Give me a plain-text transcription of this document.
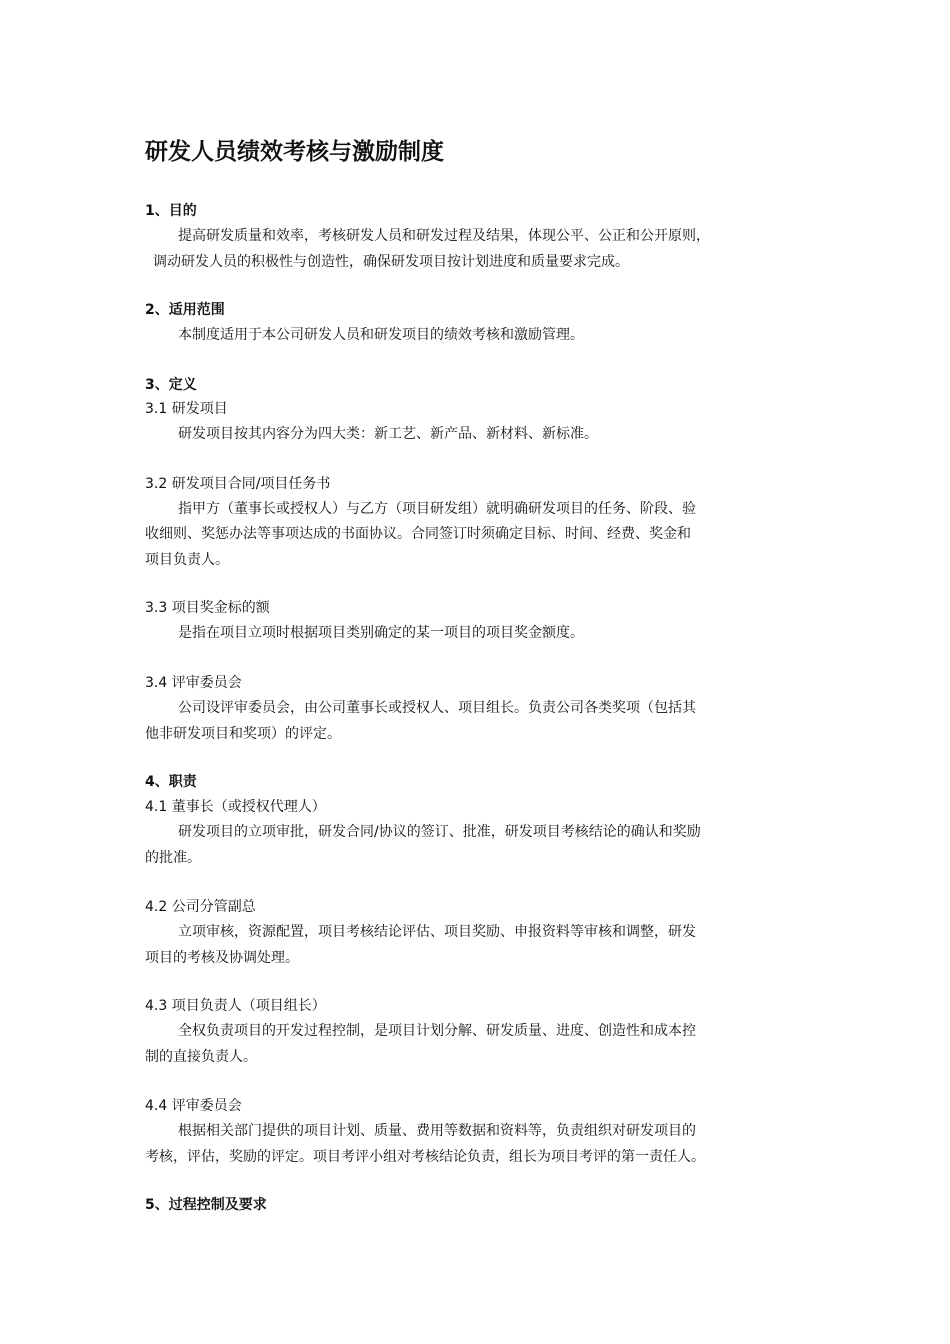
研发人员绩效考核与激励制度

1、目的

提高研发质量和效率，考核研发人员和研发过程及结果，体现公平、公正和公开原则，

调动研发人员的积极性与创造性，确保研发项目按计划进度和质量要求完成。

2、适用范围

本制度适用于本公司研发人员和研发项目的绩效考核和激励管理。

3、定义

3.1 研发项目

研发项目按其内容分为四大类：新工艺、新产品、新材料、新标准。

3.2 研发项目合同/项目任务书

指甲方（董事长或授权人）与乙方（项目研发组）就明确研发项目的任务、阶段、验

收细则、奖惩办法等事项达成的书面协议。合同签订时须确定目标、时间、经费、奖金和

项目负责人。

3.3 项目奖金标的额

是指在项目立项时根据项目类别确定的某一项目的项目奖金额度。

3.4 评审委员会

公司设评审委员会，由公司董事长或授权人、项目组长。负责公司各类奖项（包括其

他非研发项目和奖项）的评定。

4、职责

4.1 董事长（或授权代理人）

研发项目的立项审批，研发合同/协议的签订、批准，研发项目考核结论的确认和奖励

的批准。

4.2 公司分管副总

立项审核，资源配置，项目考核结论评估、项目奖励、申报资料等审核和调整，研发

项目的考核及协调处理。

4.3 项目负责人（项目组长）

全权负责项目的开发过程控制，是项目计划分解、研发质量、进度、创造性和成本控

制的直接负责人。

4.4 评审委员会

根据相关部门提供的项目计划、质量、费用等数据和资料等，负责组织对研发项目的

考核，评估，奖励的评定。项目考评小组对考核结论负责，组长为项目考评的第一责任人。

5、过程控制及要求
